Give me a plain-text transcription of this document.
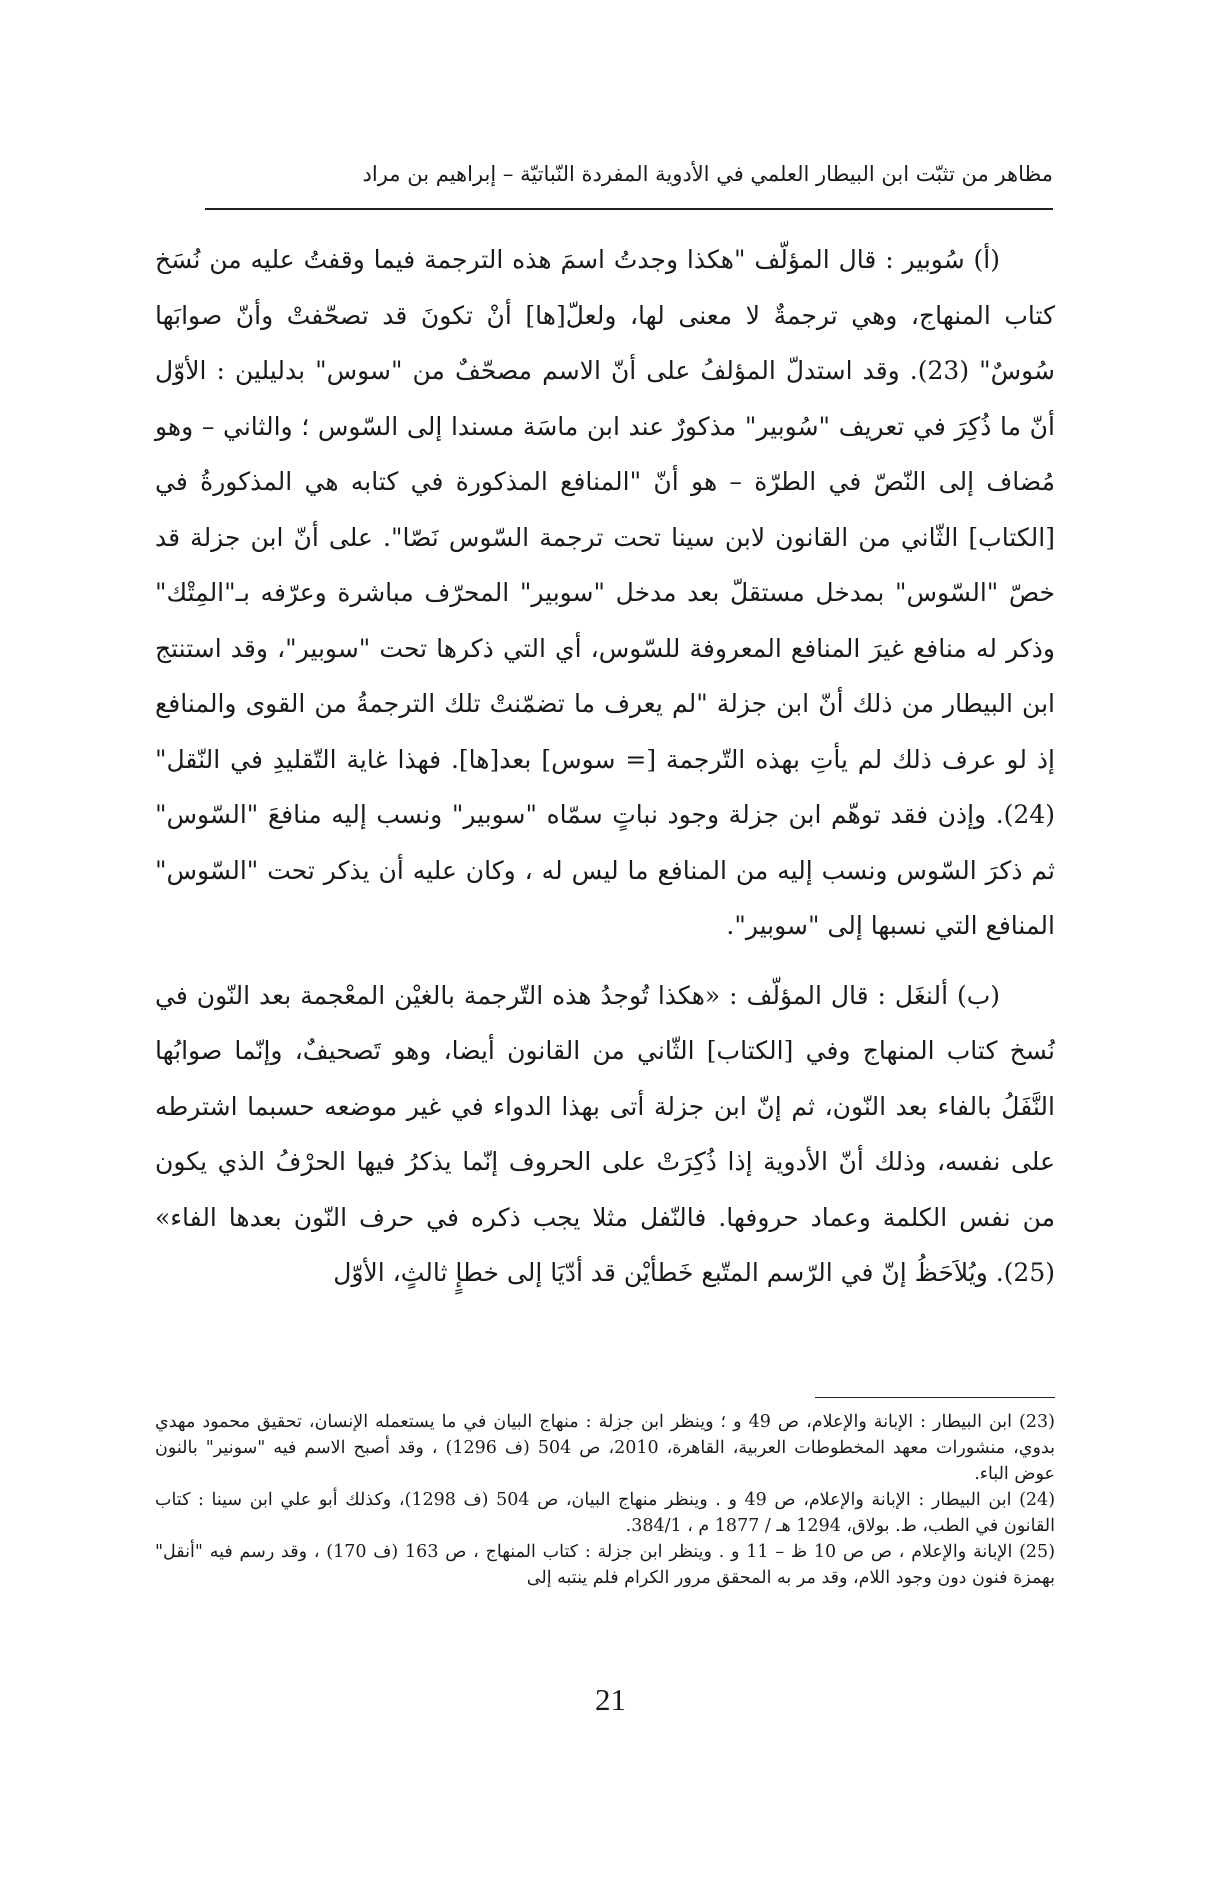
مظاهر من تثبّت ابن البيطار العلمي في الأدوية المفردة النّباتيّة – إبراهيم بن مراد

(أ) سُوبير : قال المؤلّف "هكذا وجدتُ اسمَ هذه الترجمة فيما وقفتُ عليه من نُسَخ كتاب المنهاج، وهي ترجمةٌ لا معنى لها، ولعلّ[ها] أنْ تكونَ قد تصحّفتْ وأنّ صوابَها سُوسٌ" (23). وقد استدلّ المؤلفُ على أنّ الاسم مصحّفٌ من "سوس" بدليلين : الأوّل أنّ ما ذُكِرَ في تعريف "سُوبير" مذكورٌ عند ابن ماسَة مسندا إلى السّوس ؛ والثاني – وهو مُضاف إلى النّصّ في الطرّة – هو أنّ "المنافع المذكورة في كتابه هي المذكورةُ في [الكتاب] الثّاني من القانون لابن سينا تحت ترجمة السّوس نَصّا". على أنّ ابن جزلة قد خصّ "السّوس" بمدخل مستقلّ بعد مدخل "سوبير" المحرّف مباشرة وعرّفه بـ"المِتْك" وذكر له منافع غيرَ المنافع المعروفة للسّوس، أي التي ذكرها تحت "سوبير"، وقد استنتج ابن البيطار من ذلك أنّ ابن جزلة "لم يعرف ما تضمّنتْ تلك الترجمةُ من القوى والمنافع إذ لو عرف ذلك لم يأتِ بهذه التّرجمة [= سوس] بعد[ها]. فهذا غاية التّقليدِ في النّقل" (24). وإذن فقد توهّم ابن جزلة وجود نباتٍ سمّاه "سوبير" ونسب إليه منافعَ "السّوس" ثم ذكرَ السّوس ونسب إليه من المنافع ما ليس له ، وكان عليه أن يذكر تحت "السّوس" المنافع التي نسبها إلى "سوبير".

(ب) ألنغَل : قال المؤلّف : «هكذا تُوجدُ هذه التّرجمة بالغيْن المعْجمة بعد النّون في نُسخ كتاب المنهاج وفي [الكتاب] الثّاني من القانون أيضا، وهو تَصحيفٌ، وإنّما صوابُها النَّفَلُ بالفاء بعد النّون، ثم إنّ ابن جزلة أتى بهذا الدواء في غير موضعه حسبما اشترطه على نفسه، وذلك أنّ الأدوية إذا ذُكِرَتْ على الحروف إنّما يذكرُ فيها الحرْفُ الذي يكون من نفس الكلمة وعماد حروفها. فالنّفل مثلا يجب ذكره في حرف النّون بعدها الفاء» (25). ويُلاَحَظُ إنّ في الرّسم المتّبع خَطأيْن قد أدّيَا إلى خطإٍ ثالثٍ، الأوّل

(23) ابن البيطار : الإبانة والإعلام، ص 49 و ؛ وينظر ابن جزلة : منهاج البيان في ما يستعمله الإنسان، تحقيق محمود مهدي بدوي، منشورات معهد المخطوطات العربية، القاهرة، 2010، ص 504 (ف 1296) ، وقد أصبح الاسم فيه "سونير" بالنون عوض الباء.

(24) ابن البيطار : الإبانة والإعلام، ص 49 و . وينظر منهاج البيان، ص 504 (ف 1298)، وكذلك أبو علي ابن سينا : كتاب القانون في الطب، ط. بولاق، 1294 هـ / 1877 م ، 384/1.

(25) الإبانة والإعلام ، ص ص 10 ظ – 11 و . وينظر ابن جزلة : كتاب المنهاج ، ص 163 (ف 170) ، وقد رسم فيه "أنقل" بهمزة فنون دون وجود اللام، وقد مر به المحقق مرور الكرام فلم ينتبه إلى

21
